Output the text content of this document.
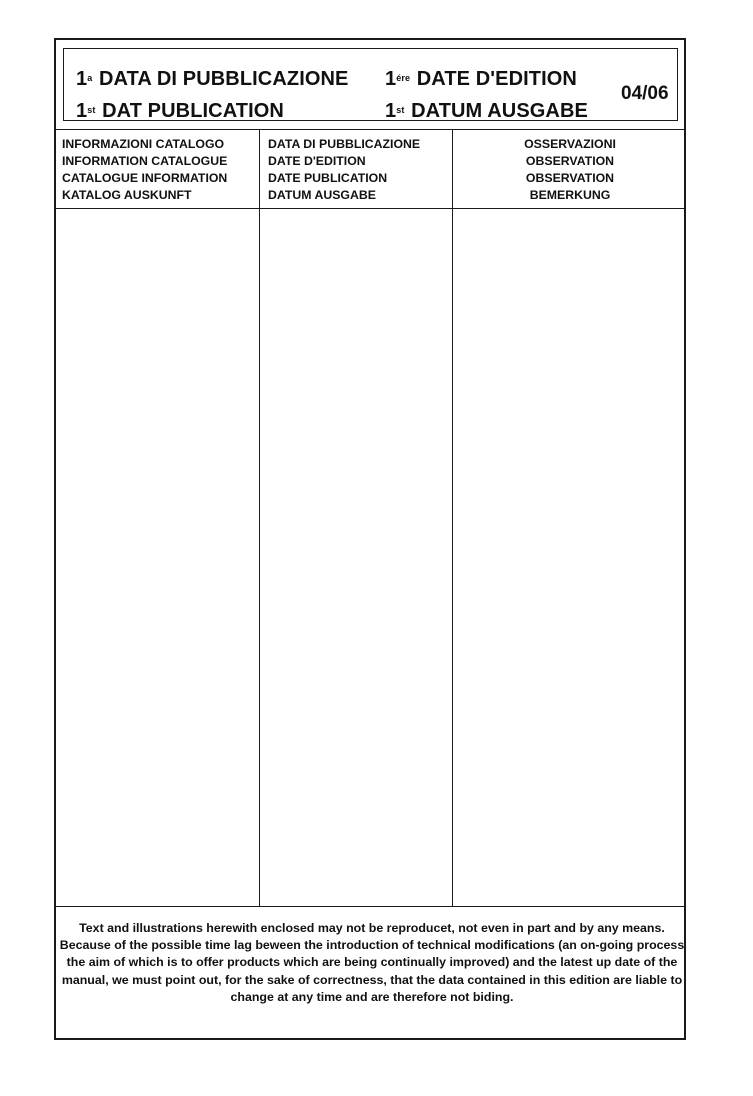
1$^a$ DATA DI PUBBLICAZIONE
1st DAT PUBLICATION
$1^{ére}$ DATE D'EDITION
1st DATUM AUSGABE
04/06
INFORMAZIONI CATALOGO
INFORMATION CATALOGUE
CATALOGUE INFORMATION
KATALOG AUSKUNFT
DATA DI PUBBLICAZIONE
DATE D'EDITION
DATE PUBLICATION
DATUM AUSGABE
OSSERVAZIONI
OBSERVATION
OBSERVATION
BEMERKUNG

Text and illustrations herewith enclosed may not be reproducet, not even in part and by any means.

Because of the possible time lag beween the introduction of technical modifications (an on-going process the aim of which is to offer products which are being continually improved) and the latest up date of the manual, we must point out, for the sake of correctness, that the data contained in this edition are liable to change at any time and are therefore not biding.
